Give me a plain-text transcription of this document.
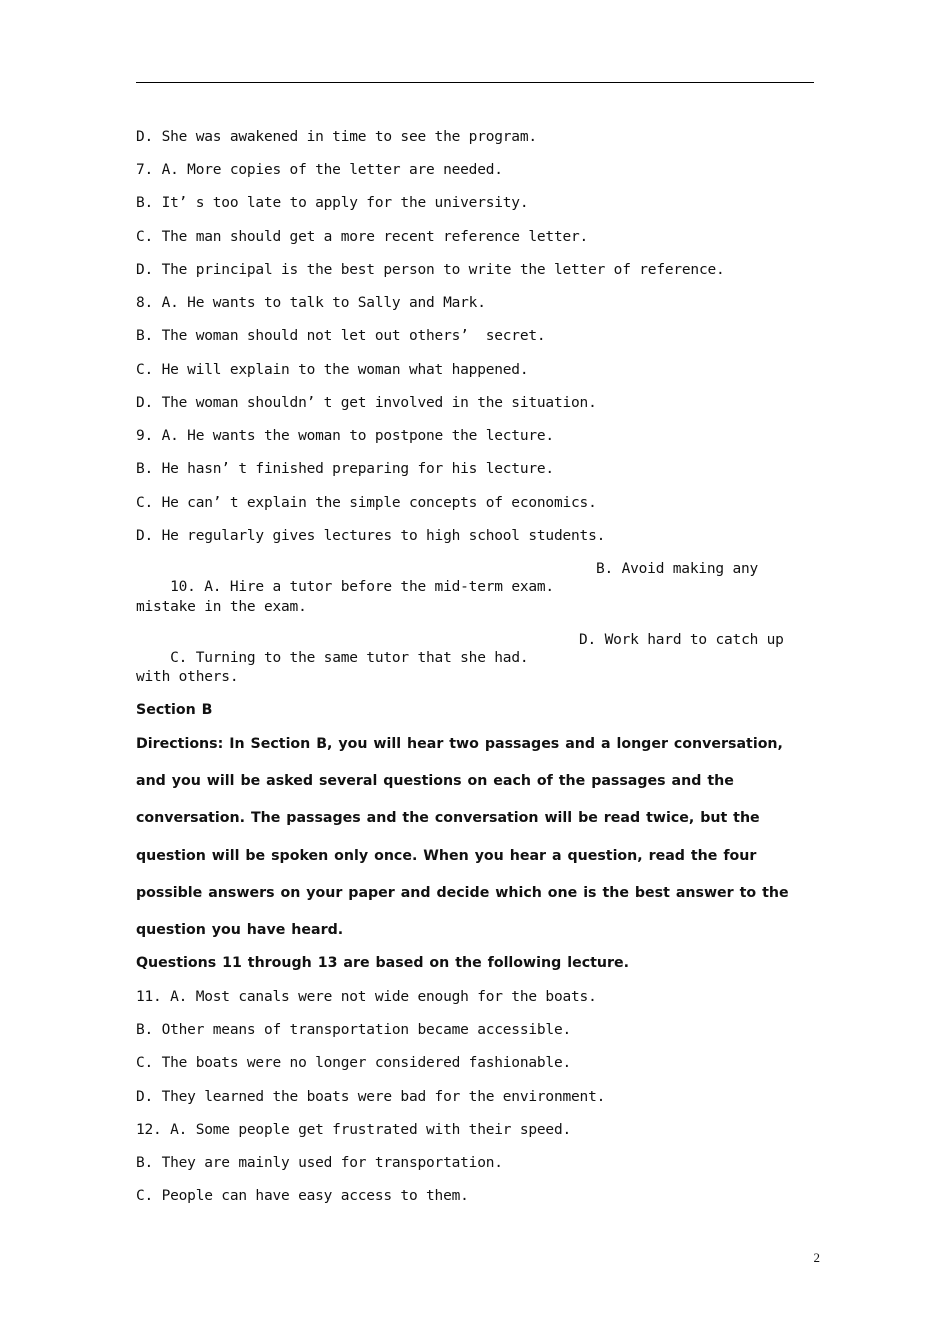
D. She was awakened in time to see the program.
7. A. More copies of the letter are needed.
B. It’ s too late to apply for the university.
C. The man should get a more recent reference letter.
D. The principal is the best person to write the letter of reference.
8. A. He wants to talk to Sally and Mark.
B. The woman should not let out others’  secret.
C. He will explain to the woman what happened.
D. The woman shouldn’ t get involved in the situation.
9. A. He wants the woman to postpone the lecture.
B. He hasn’ t finished preparing for his lecture.
C. He can’ t explain the simple concepts of economics.
D. He regularly gives lectures to high school students.

10. A. Hire a tutor before the mid-term exam.

B. Avoid making any

mistake in the exam.

C. Turning to the same tutor that she had.

D. Work hard to catch up

with others.
Section B
Directions: In Section B, you will hear two passages and a longer conversation,
and you will be asked several questions on each of the passages and the
conversation. The passages and the conversation will be read twice, but the
question will be spoken only once. When you hear a question, read the four
possible answers on your paper and decide which one is the best answer to the
question you have heard.
Questions 11 through 13 are based on the following lecture.
11. A. Most canals were not wide enough for the boats.
B. Other means of transportation became accessible.
C. The boats were no longer considered fashionable.
D. They learned the boats were bad for the environment.
12. A. Some people get frustrated with their speed.
B. They are mainly used for transportation.
C. People can have easy access to them.
2
